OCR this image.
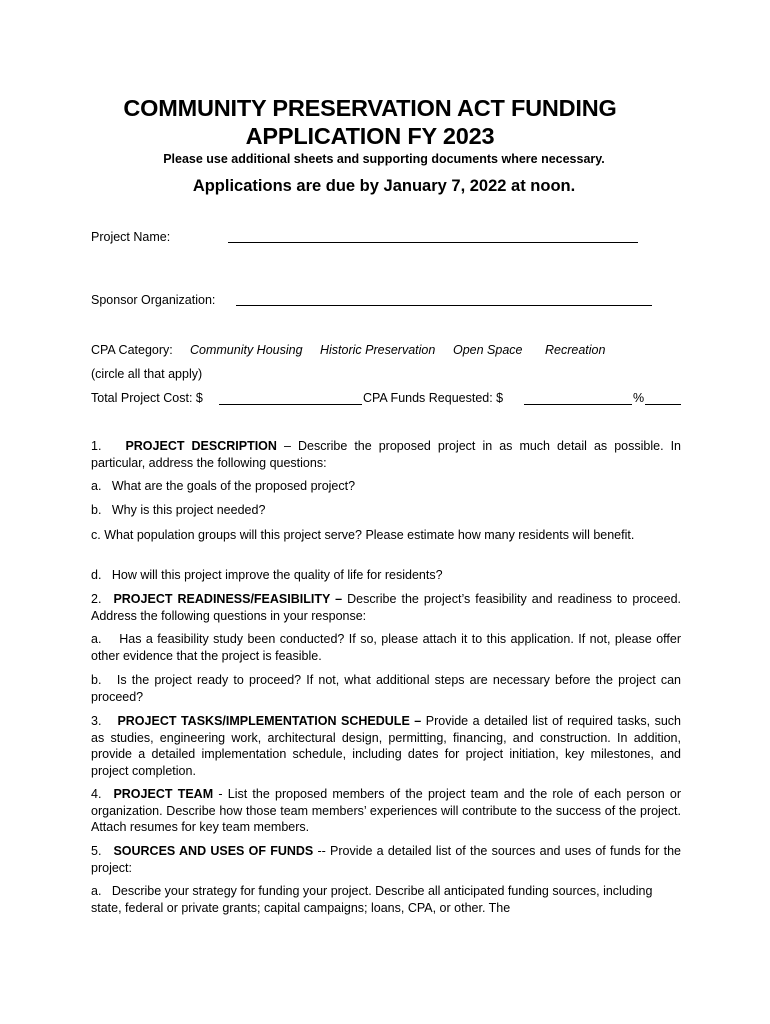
COMMUNITY PRESERVATION ACT FUNDING
APPLICATION FY 2023
Please use additional sheets and supporting documents where necessary.
Applications are due by January 7, 2022 at noon.
Project Name:
Sponsor Organization:
CPA Category: Community Housing Historic Preservation Open Space Recreation
(circle all that apply)
Total Project Cost: $	CPA Funds Requested: $	%
1. PROJECT DESCRIPTION – Describe the proposed project in as much detail as possible. In particular, address the following questions:
a.   What are the goals of the proposed project?
b.   Why is this project needed?
c. What population groups will this project serve? Please estimate how many residents will benefit.
d.   How will this project improve the quality of life for residents?
2. PROJECT READINESS/FEASIBILITY – Describe the project’s feasibility and readiness to proceed. Address the following questions in your response:
a.    Has a feasibility study been conducted? If so, please attach it to this application. If not, please offer other evidence that the project is feasible.
b.   Is the project ready to proceed? If not, what additional steps are necessary before the project can proceed?
3. PROJECT TASKS/IMPLEMENTATION SCHEDULE – Provide a detailed list of required tasks, such as studies, engineering work, architectural design, permitting, financing, and construction. In addition, provide a detailed implementation schedule, including dates for project initiation, key milestones, and project completion.
4. PROJECT TEAM - List the proposed members of the project team and the role of each person or organization. Describe how those team members’ experiences will contribute to the success of the project. Attach resumes for key team members.
5. SOURCES AND USES OF FUNDS -- Provide a detailed list of the sources and uses of funds for the project:
a.   Describe your strategy for funding your project. Describe all anticipated funding sources, including state, federal or private grants; capital campaigns; loans, CPA, or other. The
